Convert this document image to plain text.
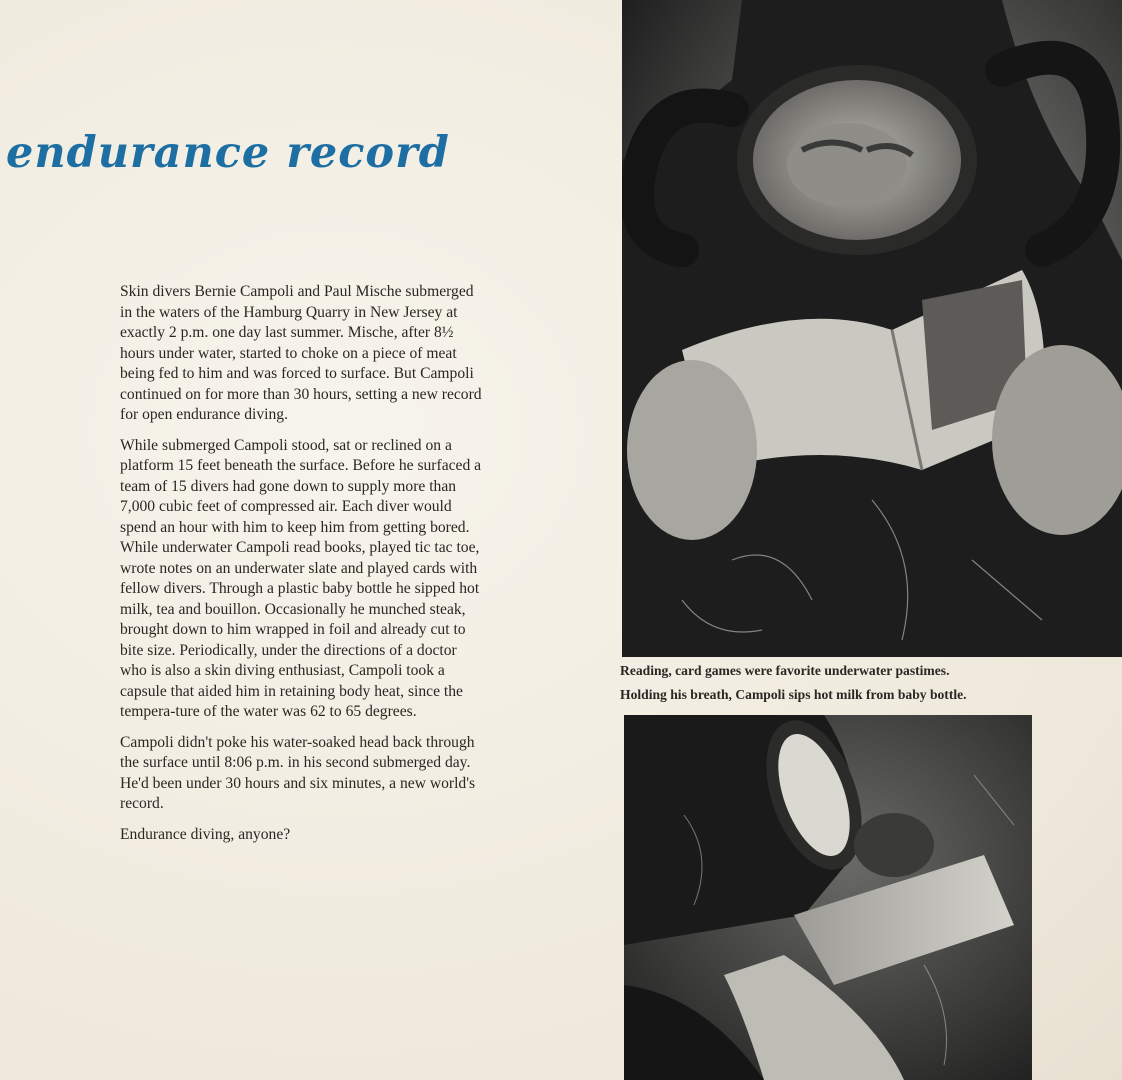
endurance record

Skin divers Bernie Campoli and Paul Mische submerged in the waters of the Hamburg Quarry in New Jersey at exactly 2 p.m. one day last summer. Mische, after 8½ hours under water, started to choke on a piece of meat being fed to him and was forced to surface. But Campoli continued on for more than 30 hours, setting a new record for open endurance diving.

While submerged Campoli stood, sat or reclined on a platform 15 feet beneath the surface. Before he surfaced a team of 15 divers had gone down to supply more than 7,000 cubic feet of compressed air. Each diver would spend an hour with him to keep him from getting bored. While underwater Campoli read books, played tic tac toe, wrote notes on an underwater slate and played cards with fellow divers. Through a plastic baby bottle he sipped hot milk, tea and bouillon. Occasionally he munched steak, brought down to him wrapped in foil and already cut to bite size. Periodically, under the directions of a doctor who is also a skin diving enthusiast, Campoli took a capsule that aided him in retaining body heat, since the tempera-ture of the water was 62 to 65 degrees.

Campoli didn't poke his water-soaked head back through the surface until 8:06 p.m. in his second submerged day. He'd been under 30 hours and six minutes, a new world's record.

Endurance diving, anyone?

Reading, card games were favorite underwater pastimes.
Holding his breath, Campoli sips hot milk from baby bottle.
